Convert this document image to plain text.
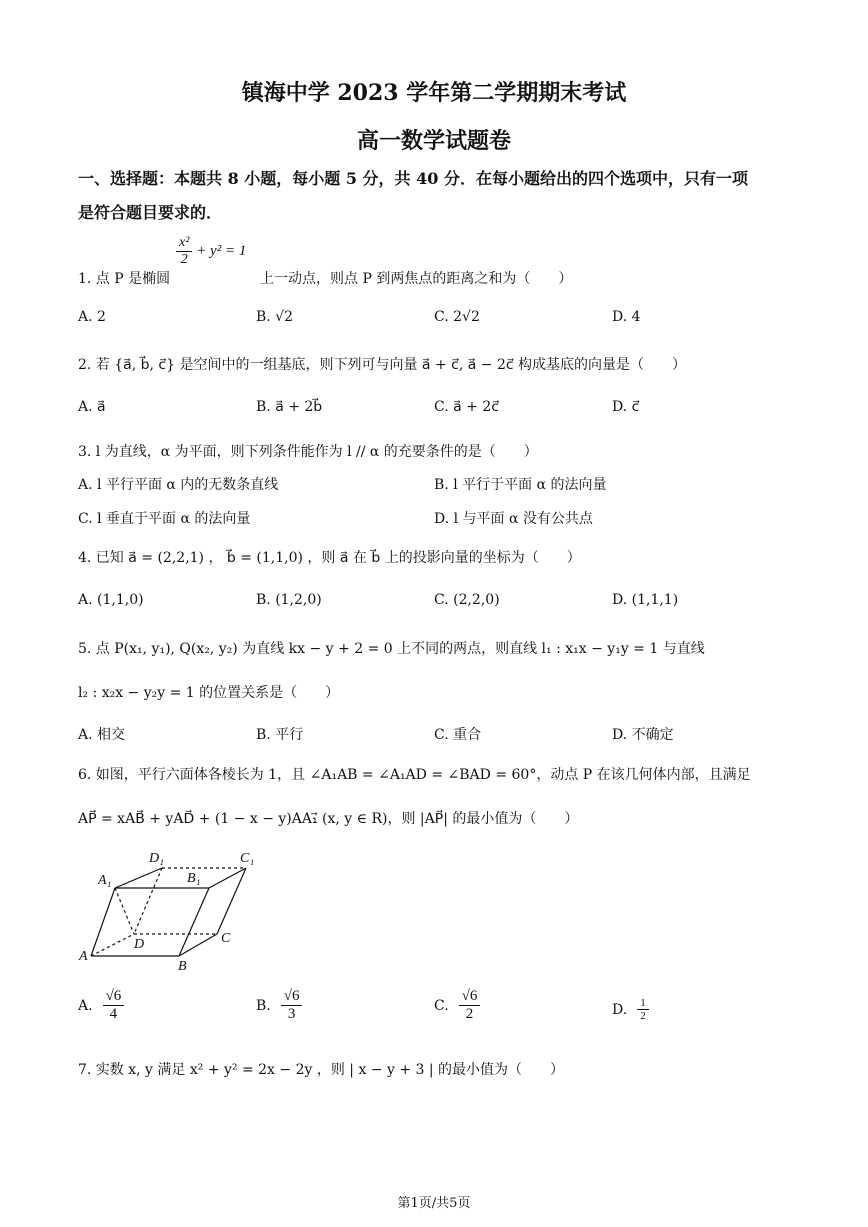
镇海中学 2023 学年第二学期期末考试
高一数学试题卷
一、选择题：本题共 8 小题，每小题 5 分，共 40 分．在每小题给出的四个选项中，只有一项
是符合题目要求的．
1. 点 P 是椭圆
$\frac{\text{x²}}{2} + y^2 = 1$
上一动点，则点 P 到两焦点的距离之和为（　　）
A. 2	B. √2	C. 2√2	D. 4
2. 若 {a⃗, b⃗, c⃗} 是空间中的一组基底，则下列可与向量 a⃗ + c⃗, a⃗ − 2c⃗ 构成基底的向量是（　　）
A. a⃗	B. a⃗ + 2b⃗	C. a⃗ + 2c⃗	D. c⃗
3. l 为直线，α 为平面，则下列条件能作为 l // α 的充要条件的是（　　）
A. l 平行平面 α 内的无数条直线	B. l 平行于平面 α 的法向量
C. l 垂直于平面 α 的法向量	D. l 与平面 α 没有公共点
4. 已知 a⃗ = (2,2,1) ， b⃗ = (1,1,0) ，则 a⃗ 在 b⃗ 上的投影向量的坐标为（　　）
A. (1,1,0)	B. (1,2,0)	C. (2,2,0)	D. (1,1,1)
5. 点 P(x₁, y₁), Q(x₂, y₂) 为直线 kx − y + 2 = 0 上不同的两点，则直线 l₁ : x₁x − y₁y = 1 与直线
l₂ : x₂x − y₂y = 1 的位置关系是（　　）
A. 相交	B. 平行	C. 重合	D. 不确定
6. 如图，平行六面体各棱长为 1，且 ∠A₁AB = ∠A₁AD = ∠BAD = 60°，动点 P 在该几何体内部，且满足
AP⃗ = xAB⃗ + yAD⃗ + (1 − x − y)AA₁⃗ (x, y ∈ R)，则 |AP⃗| 的最小值为（　　）
D₁	C₁
A₁	B₁
D	C
A
B
A. $\frac{√6}{4}$	B. $\frac{√6}{3}$	C. $\frac{√6}{2}$	D. $\frac{1}{2}$
7. 实数 x, y 满足 x² + y² = 2x − 2y ，则 | x − y + 3 | 的最小值为（　　）
第1页/共5页
